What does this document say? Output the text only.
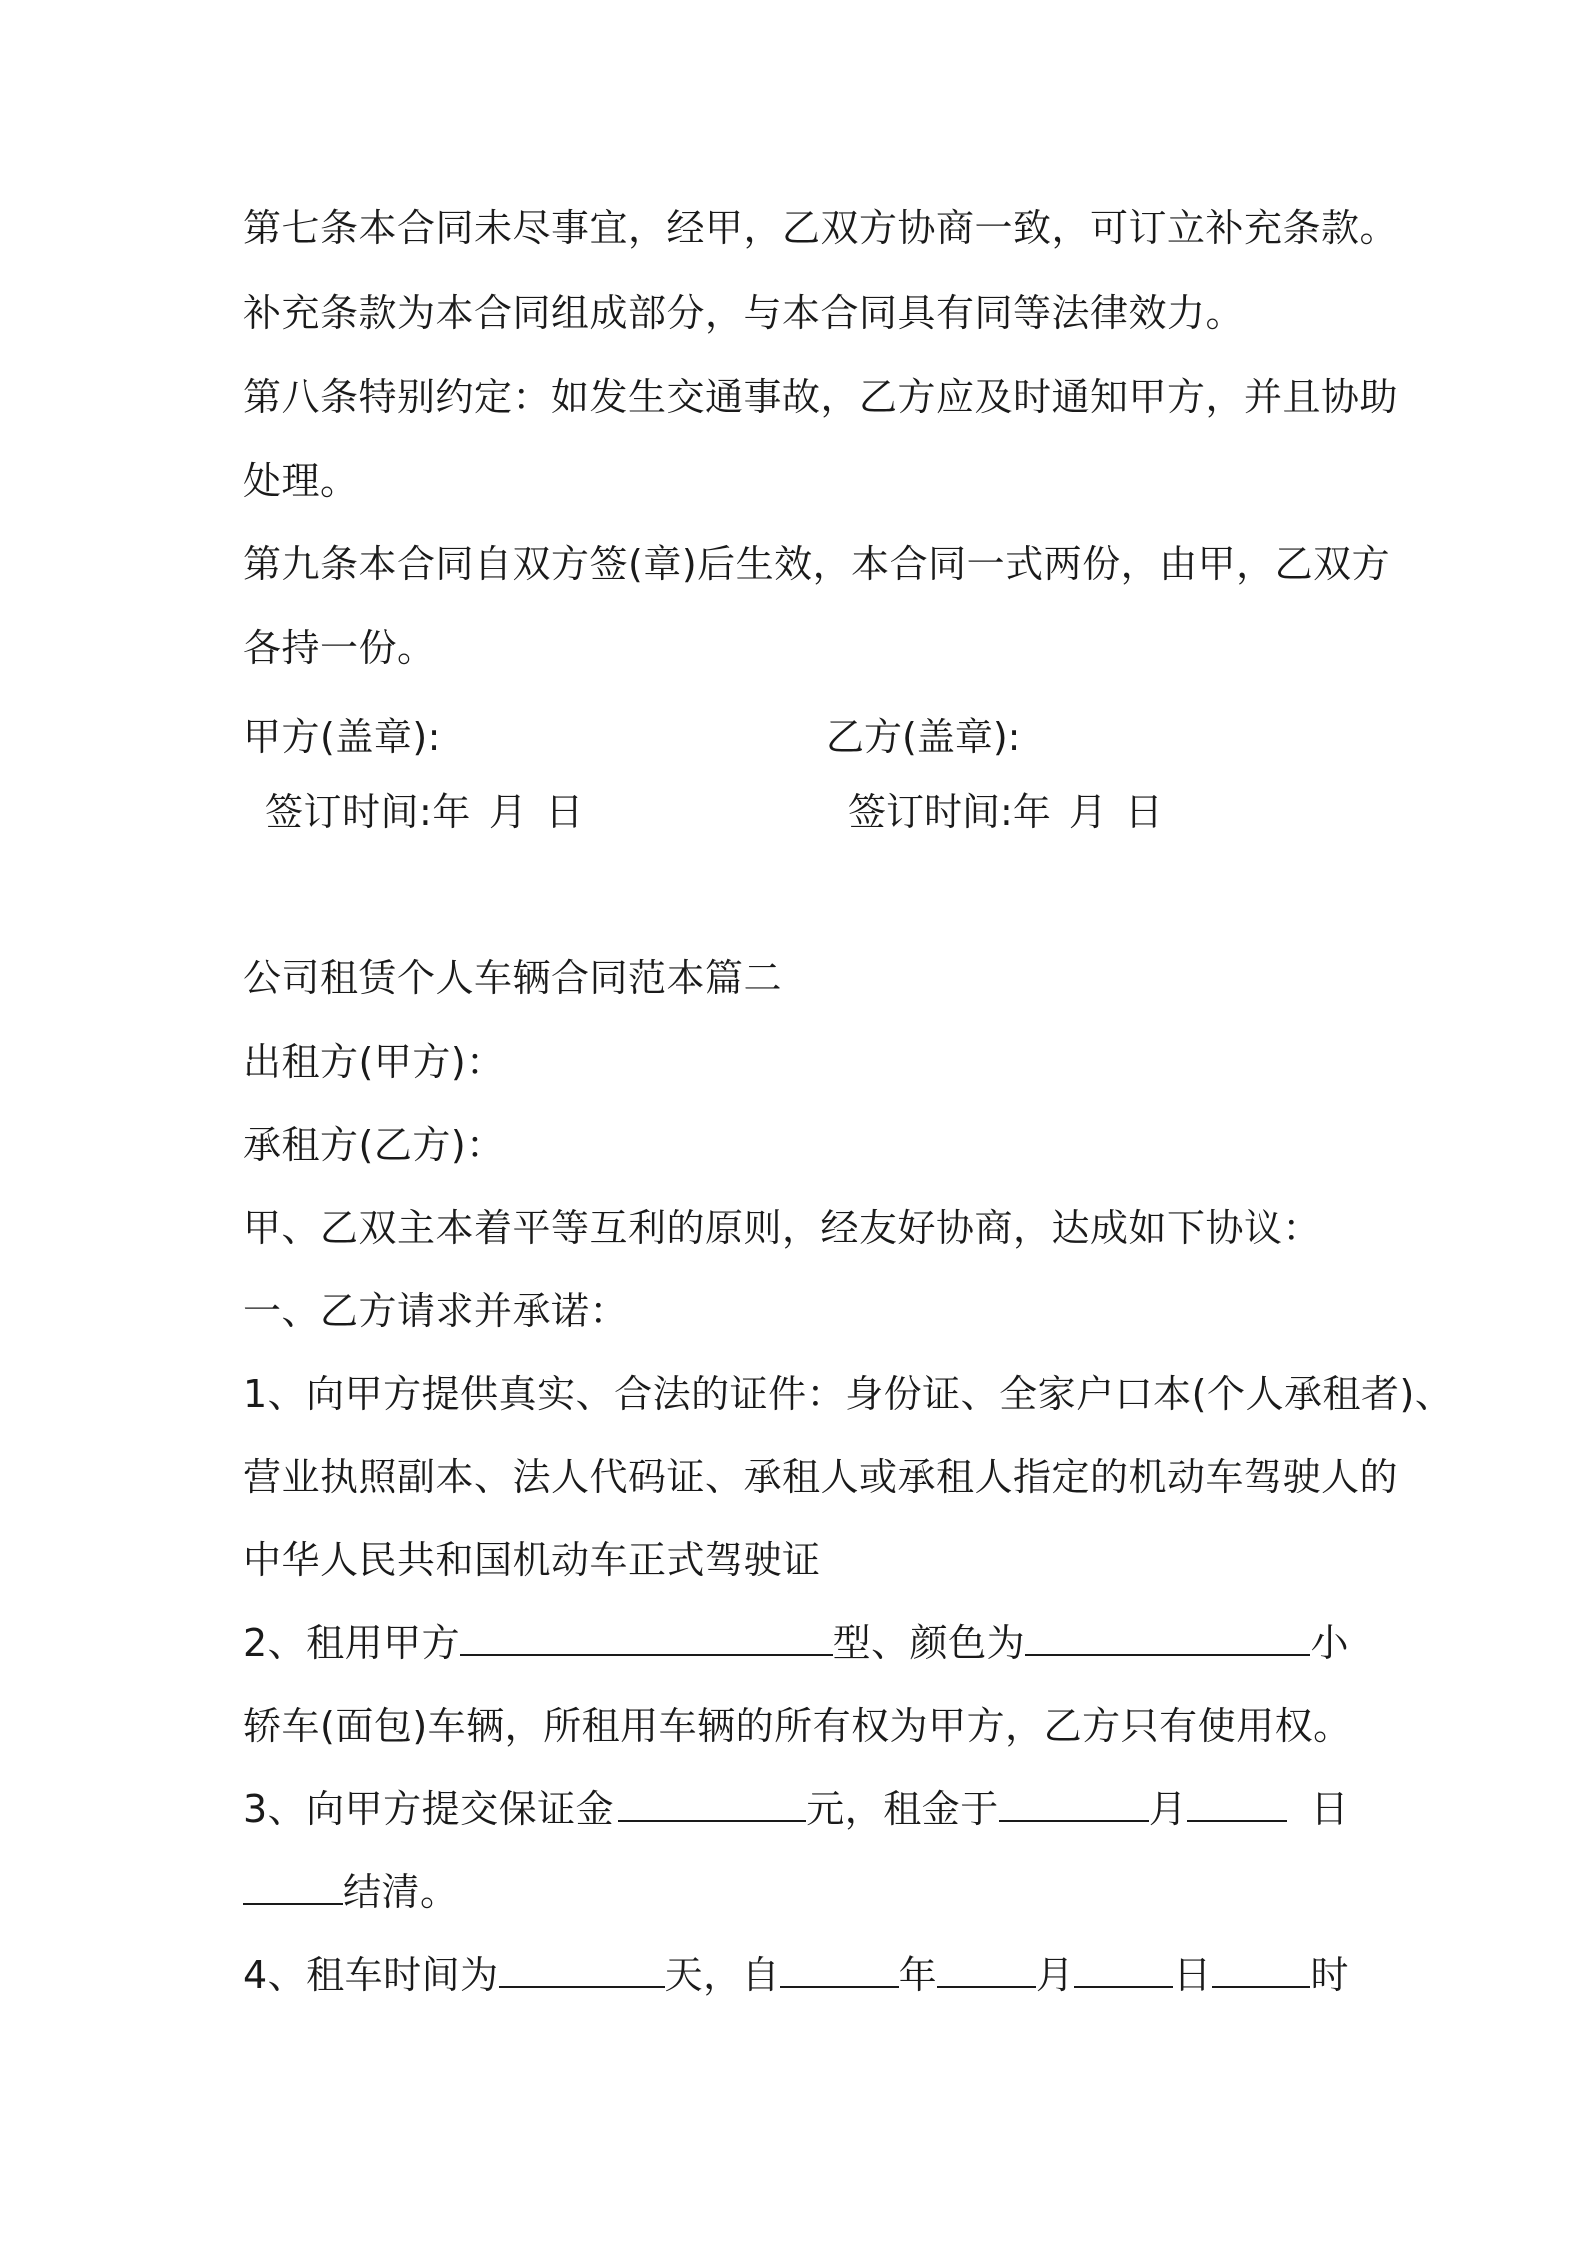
第七条本合同未尽事宜，经甲，乙双方协商一致，可订立补充条款。
补充条款为本合同组成部分，与本合同具有同等法律效力。
第八条特别约定：如发生交通事故，乙方应及时通知甲方，并且协助
处理。
第九条本合同自双方签(章)后生效，本合同一式两份，由甲，乙双方
各持一份。
甲方(盖章):	乙方(盖章):
签订时间:年 月 日	签订时间:年 月 日
公司租赁个人车辆合同范本篇二
出租方(甲方)：
承租方(乙方)：
甲、乙双主本着平等互利的原则，经友好协商，达成如下协议：
一、乙方请求并承诺：
1、向甲方提供真实、合法的证件：身份证、全家户口本(个人承租者)、
营业执照副本、法人代码证、承租人或承租人指定的机动车驾驶人的
中华人民共和国机动车正式驾驶证
2、租用甲方	型、颜色为	小
轿车(面包)车辆，所租用车辆的所有权为甲方，乙方只有使用权。
3、向甲方提交保证金	元，租金于	月	日
结清。
4、租车时间为	天，自	年	月	日	时
